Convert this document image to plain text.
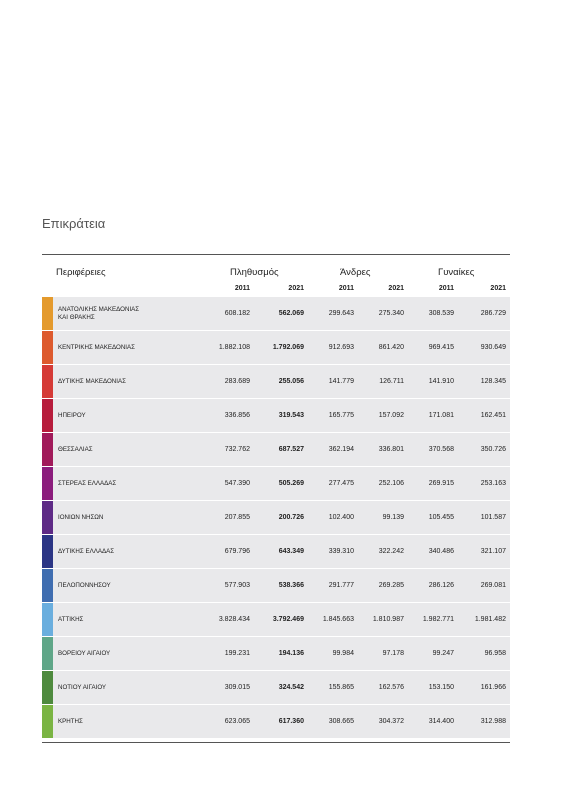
Επικράτεια
Περιφέρειες	Πληθυσμός	Άνδρες	Γυναίκες
2011	2021	2011	2021	2011	2021
ΑΝΑΤΟΛΙΚΗΣ ΜΑΚΕΔΟΝΙΑΣ
ΚΑΙ ΘΡΑΚΗΣ	608.182	562.069	299.643	275.340	308.539	286.729
ΚΕΝΤΡΙΚΗΣ ΜΑΚΕΔΟΝΙΑΣ	1.882.108	1.792.069	912.693	861.420	969.415	930.649
ΔΥΤΙΚΗΣ ΜΑΚΕΔΟΝΙΑΣ	283.689	255.056	141.779	126.711	141.910	128.345
ΗΠΕΙΡΟΥ	336.856	319.543	165.775	157.092	171.081	162.451
ΘΕΣΣΑΛΙΑΣ	732.762	687.527	362.194	336.801	370.568	350.726
ΣΤΕΡΕΑΣ ΕΛΛΑΔΑΣ	547.390	505.269	277.475	252.106	269.915	253.163
ΙΟΝΙΩΝ ΝΗΣΩΝ	207.855	200.726	102.400	99.139	105.455	101.587
ΔΥΤΙΚΗΣ ΕΛΛΑΔΑΣ	679.796	643.349	339.310	322.242	340.486	321.107
ΠΕΛΟΠΟΝΝΗΣΟΥ	577.903	538.366	291.777	269.285	286.126	269.081
ΑΤΤΙΚΗΣ	3.828.434	3.792.469	1.845.663	1.810.987	1.982.771	1.981.482
ΒΟΡΕΙΟΥ ΑΙΓΑΙΟΥ	199.231	194.136	99.984	97.178	99.247	96.958
ΝΟΤΙΟΥ ΑΙΓΑΙΟΥ	309.015	324.542	155.865	162.576	153.150	161.966
ΚΡΗΤΗΣ	623.065	617.360	308.665	304.372	314.400	312.988
